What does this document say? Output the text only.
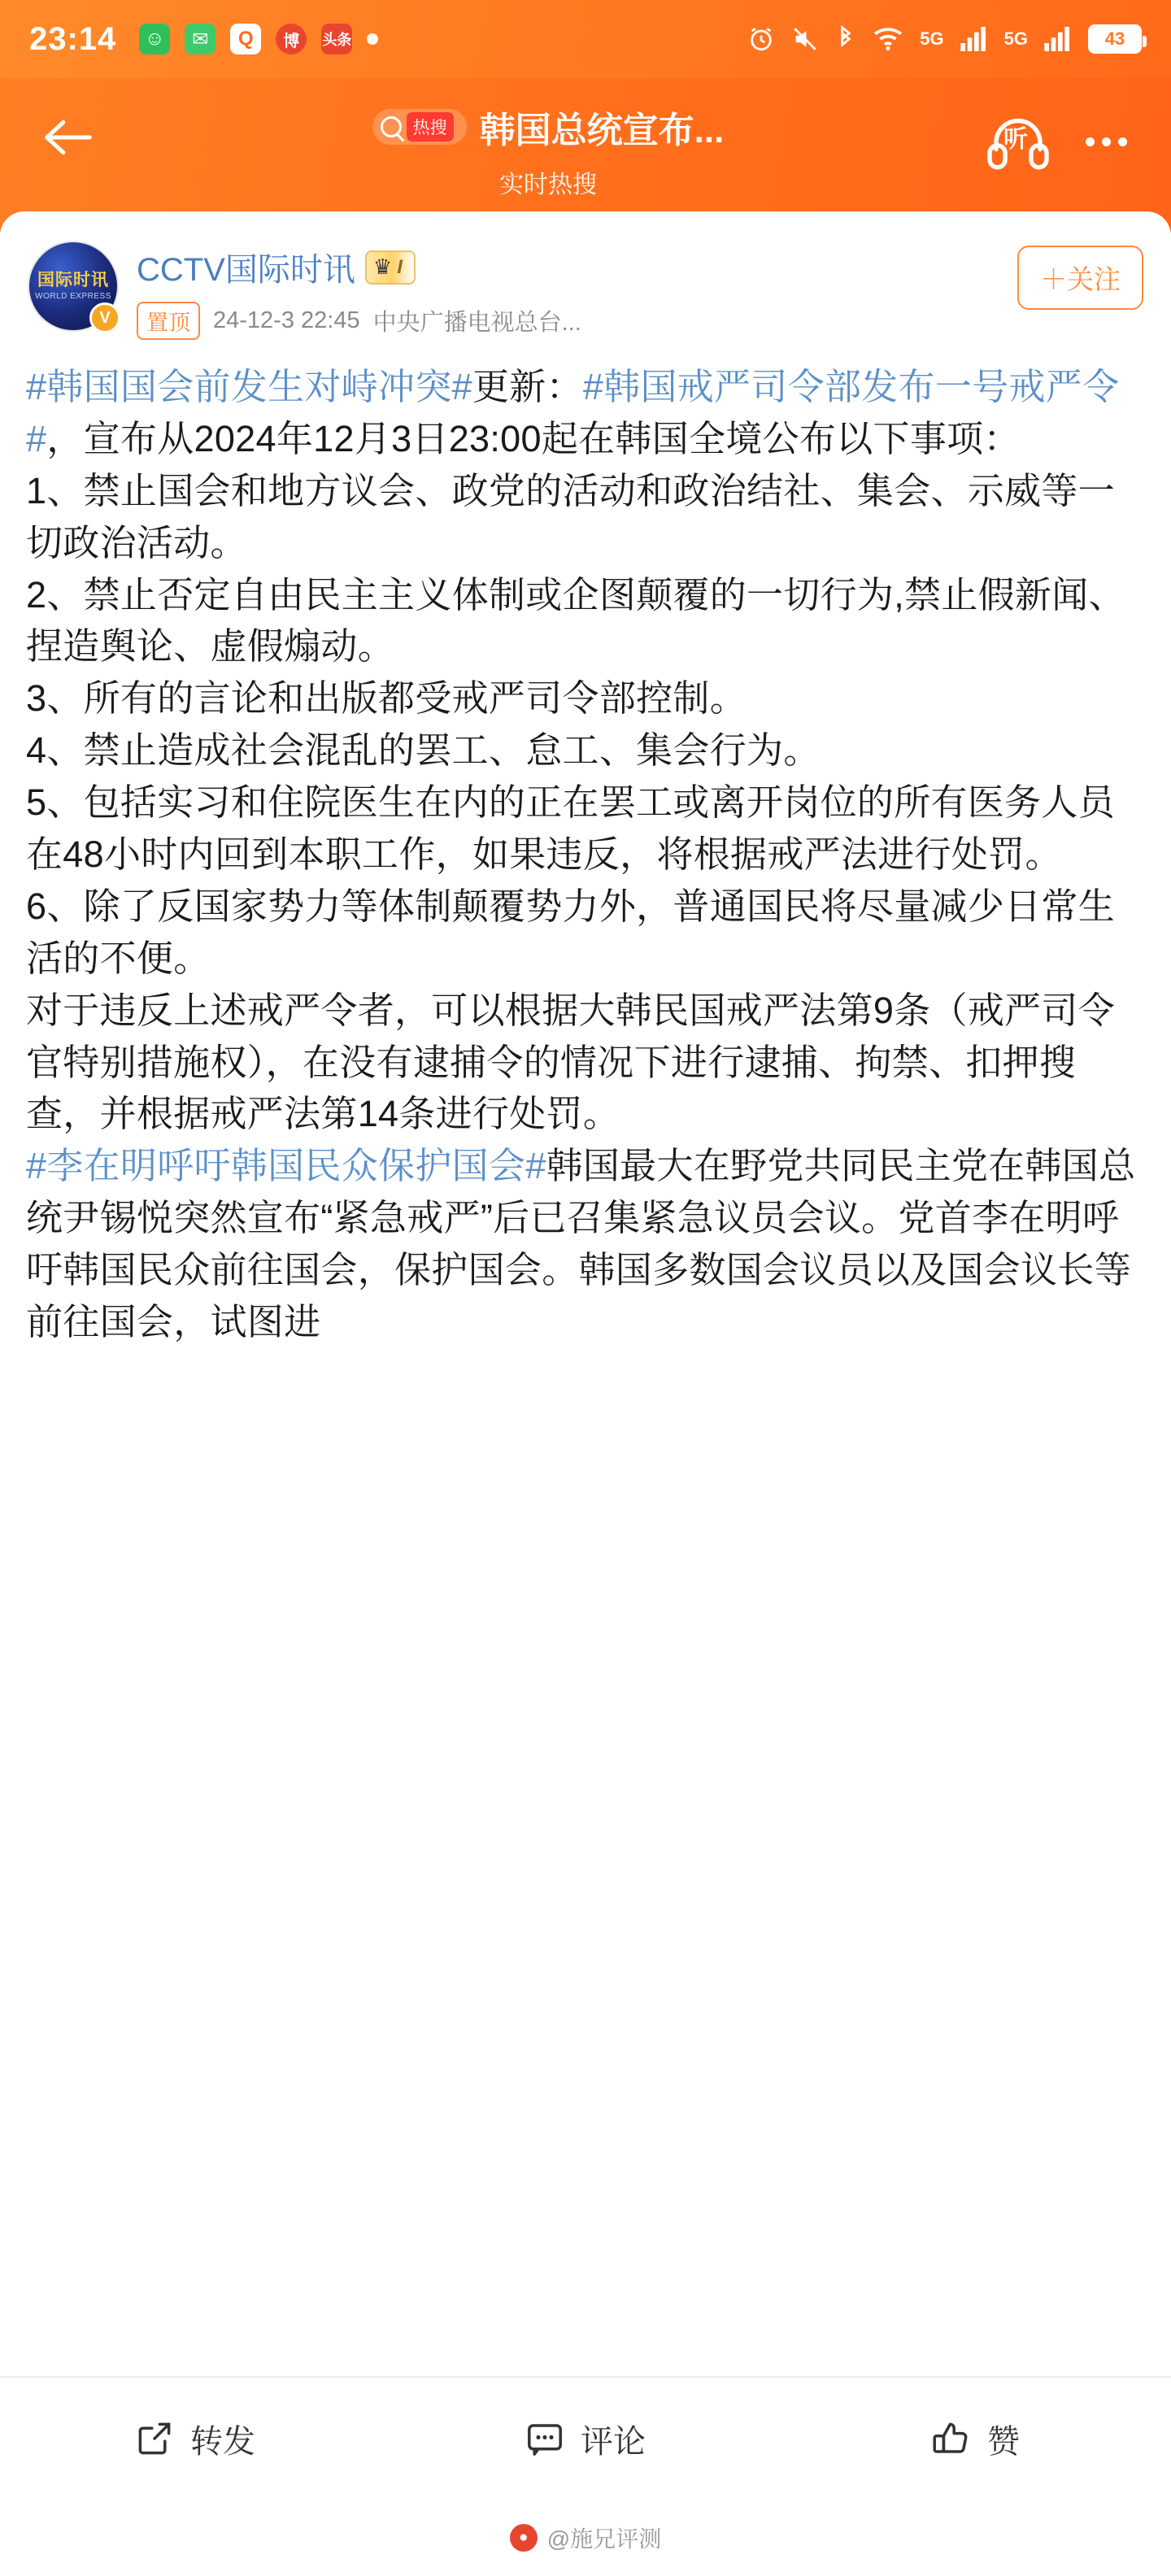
23:14 ☺	✉	Q	博	头条	5G	5G	43
热搜 韩国总统宣布...
实时热搜
听
国际时讯
WORLD EXPRESS
V
CCTV国际时讯 ♛ I
置顶 24-12-3 22:45 中央广播电视总台...
＋关注

#韩国国会前发生对峙冲突#更新：#韩国戒严司令部发布一号戒严令#，宣布从2024年12月3日23:00起在韩国全境公布以下事项：
1、禁止国会和地方议会、政党的活动和政治结社、集会、示威等一切政治活动。
2、禁止否定自由民主主义体制或企图颠覆的一切行为,禁止假新闻、捏造舆论、虚假煽动。
3、所有的言论和出版都受戒严司令部控制。
4、禁止造成社会混乱的罢工、怠工、集会行为。
5、包括实习和住院医生在内的正在罢工或离开岗位的所有医务人员在48小时内回到本职工作，如果违反，将根据戒严法进行处罚。
6、除了反国家势力等体制颠覆势力外，普通国民将尽量减少日常生活的不便。
对于违反上述戒严令者，可以根据大韩民国戒严法第9条（戒严司令官特别措施权），在没有逮捕令的情况下进行逮捕、拘禁、扣押搜查，并根据戒严法第14条进行处罚。
#李在明呼吁韩国民众保护国会#韩国最大在野党共同民主党在韩国总统尹锡悦突然宣布“紧急戒严”后已召集紧急议员会议。党首李在明呼吁韩国民众前往国会，保护国会。韩国多数国会议员以及国会议长等前往国会，试图进

转发	评论	赞
● @施兄评测
